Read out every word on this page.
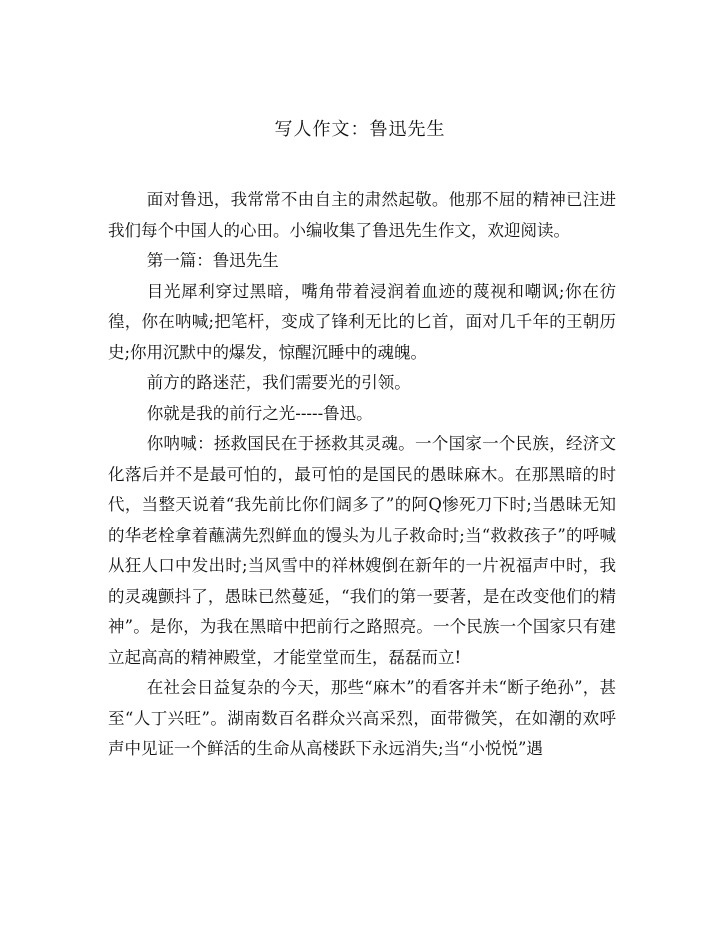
写人作文：鲁迅先生

面对鲁迅，我常常不由自主的肃然起敬。他那不屈的精神已注进我们每个中国人的心田。小编收集了鲁迅先生作文，欢迎阅读。

第一篇：鲁迅先生

目光犀利穿过黑暗，嘴角带着浸润着血迹的蔑视和嘲讽;你在彷徨，你在呐喊;把笔杆，变成了锋利无比的匕首，面对几千年的王朝历史;你用沉默中的爆发，惊醒沉睡中的魂魄。

前方的路迷茫，我们需要光的引领。

你就是我的前行之光-----鲁迅。

你呐喊：拯救国民在于拯救其灵魂。一个国家一个民族，经济文化落后并不是最可怕的，最可怕的是国民的愚昧麻木。在那黑暗的时代，当整天说着“我先前比你们阔多了”的阿Q惨死刀下时;当愚昧无知的华老栓拿着蘸满先烈鲜血的馒头为儿子救命时;当“救救孩子”的呼喊从狂人口中发出时;当风雪中的祥林嫂倒在新年的一片祝福声中时，我的灵魂颤抖了，愚昧已然蔓延，“我们的第一要著，是在改变他们的精神”。是你，为我在黑暗中把前行之路照亮。一个民族一个国家只有建立起高高的精神殿堂，才能堂堂而生，磊磊而立!

在社会日益复杂的今天，那些“麻木”的看客并未“断子绝孙”，甚至“人丁兴旺”。湖南数百名群众兴高采烈，面带微笑，在如潮的欢呼声中见证一个鲜活的生命从高楼跃下永远消失;当“小悦悦”遇
